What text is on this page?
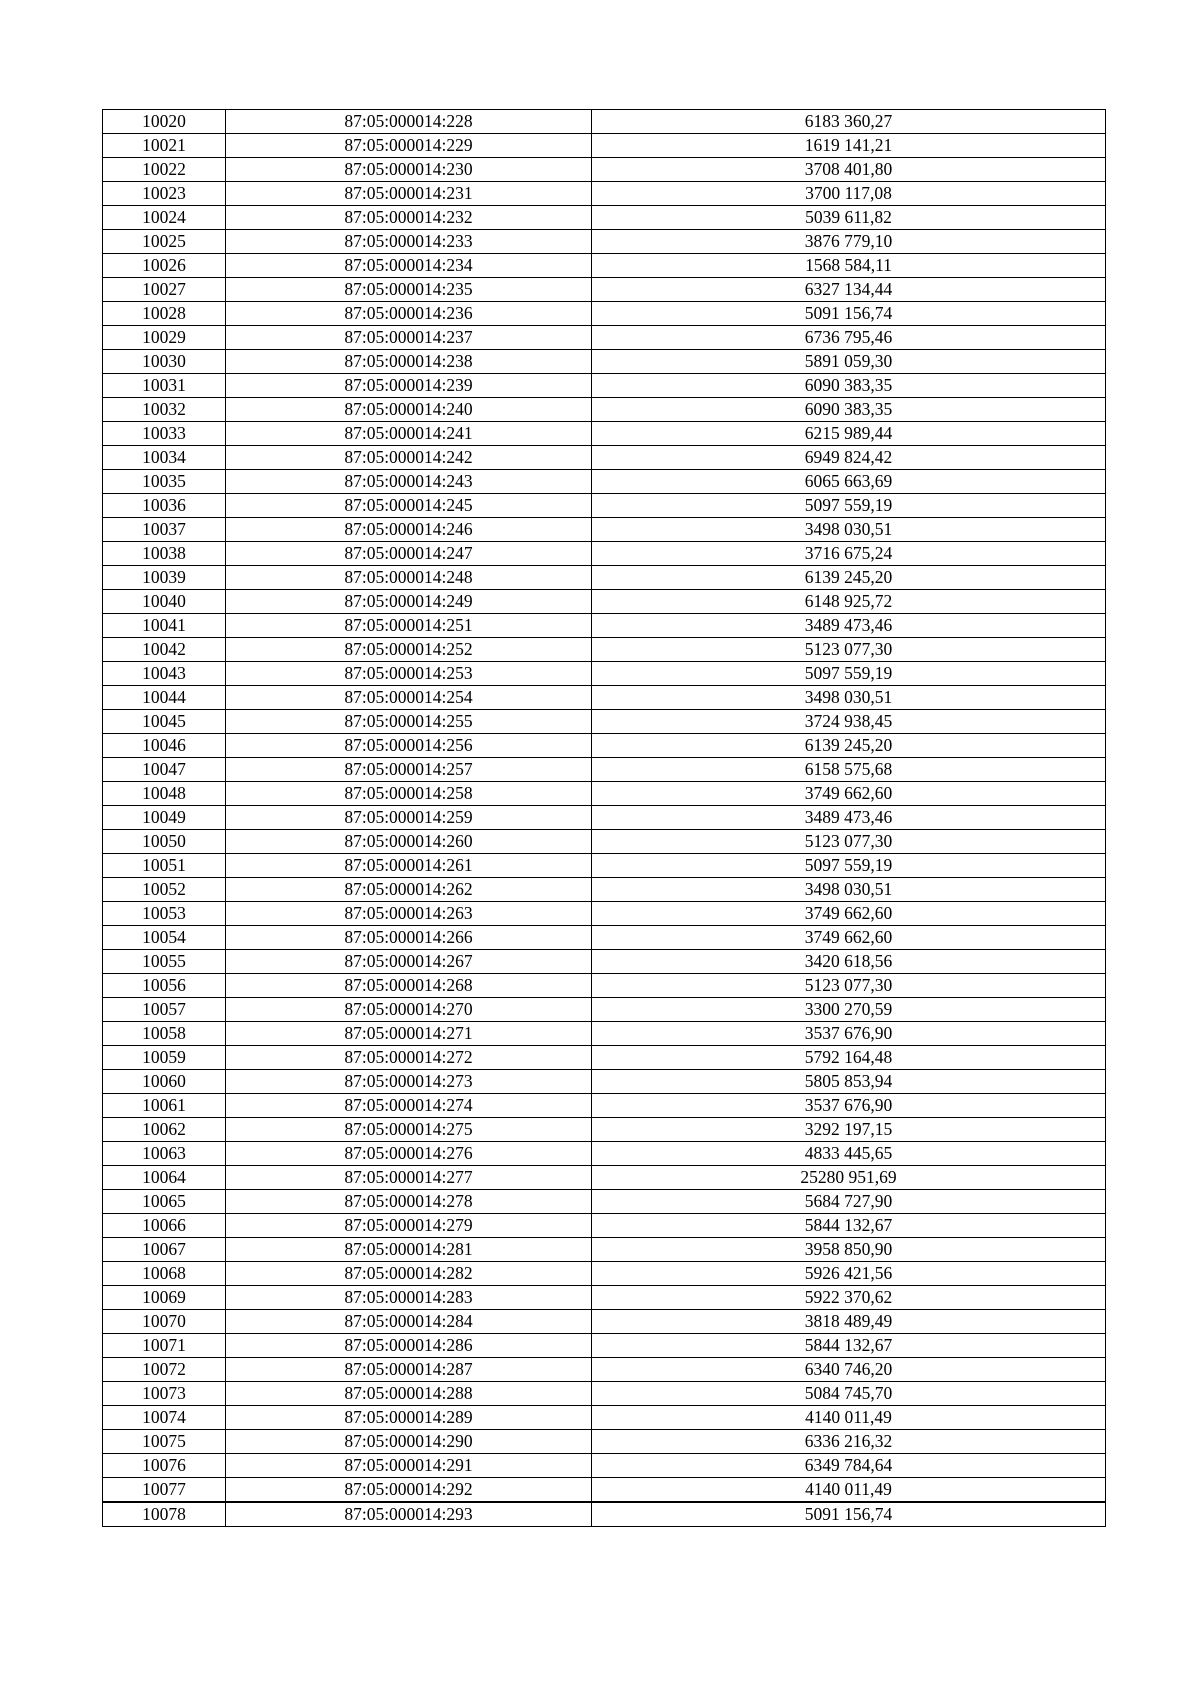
10020	87:05:000014:228	6183 360,27
10021	87:05:000014:229	1619 141,21
10022	87:05:000014:230	3708 401,80
10023	87:05:000014:231	3700 117,08
10024	87:05:000014:232	5039 611,82
10025	87:05:000014:233	3876 779,10
10026	87:05:000014:234	1568 584,11
10027	87:05:000014:235	6327 134,44
10028	87:05:000014:236	5091 156,74
10029	87:05:000014:237	6736 795,46
10030	87:05:000014:238	5891 059,30
10031	87:05:000014:239	6090 383,35
10032	87:05:000014:240	6090 383,35
10033	87:05:000014:241	6215 989,44
10034	87:05:000014:242	6949 824,42
10035	87:05:000014:243	6065 663,69
10036	87:05:000014:245	5097 559,19
10037	87:05:000014:246	3498 030,51
10038	87:05:000014:247	3716 675,24
10039	87:05:000014:248	6139 245,20
10040	87:05:000014:249	6148 925,72
10041	87:05:000014:251	3489 473,46
10042	87:05:000014:252	5123 077,30
10043	87:05:000014:253	5097 559,19
10044	87:05:000014:254	3498 030,51
10045	87:05:000014:255	3724 938,45
10046	87:05:000014:256	6139 245,20
10047	87:05:000014:257	6158 575,68
10048	87:05:000014:258	3749 662,60
10049	87:05:000014:259	3489 473,46
10050	87:05:000014:260	5123 077,30
10051	87:05:000014:261	5097 559,19
10052	87:05:000014:262	3498 030,51
10053	87:05:000014:263	3749 662,60
10054	87:05:000014:266	3749 662,60
10055	87:05:000014:267	3420 618,56
10056	87:05:000014:268	5123 077,30
10057	87:05:000014:270	3300 270,59
10058	87:05:000014:271	3537 676,90
10059	87:05:000014:272	5792 164,48
10060	87:05:000014:273	5805 853,94
10061	87:05:000014:274	3537 676,90
10062	87:05:000014:275	3292 197,15
10063	87:05:000014:276	4833 445,65
10064	87:05:000014:277	25280 951,69
10065	87:05:000014:278	5684 727,90
10066	87:05:000014:279	5844 132,67
10067	87:05:000014:281	3958 850,90
10068	87:05:000014:282	5926 421,56
10069	87:05:000014:283	5922 370,62
10070	87:05:000014:284	3818 489,49
10071	87:05:000014:286	5844 132,67
10072	87:05:000014:287	6340 746,20
10073	87:05:000014:288	5084 745,70
10074	87:05:000014:289	4140 011,49
10075	87:05:000014:290	6336 216,32
10076	87:05:000014:291	6349 784,64
10077	87:05:000014:292	4140 011,49
10078	87:05:000014:293	5091 156,74
